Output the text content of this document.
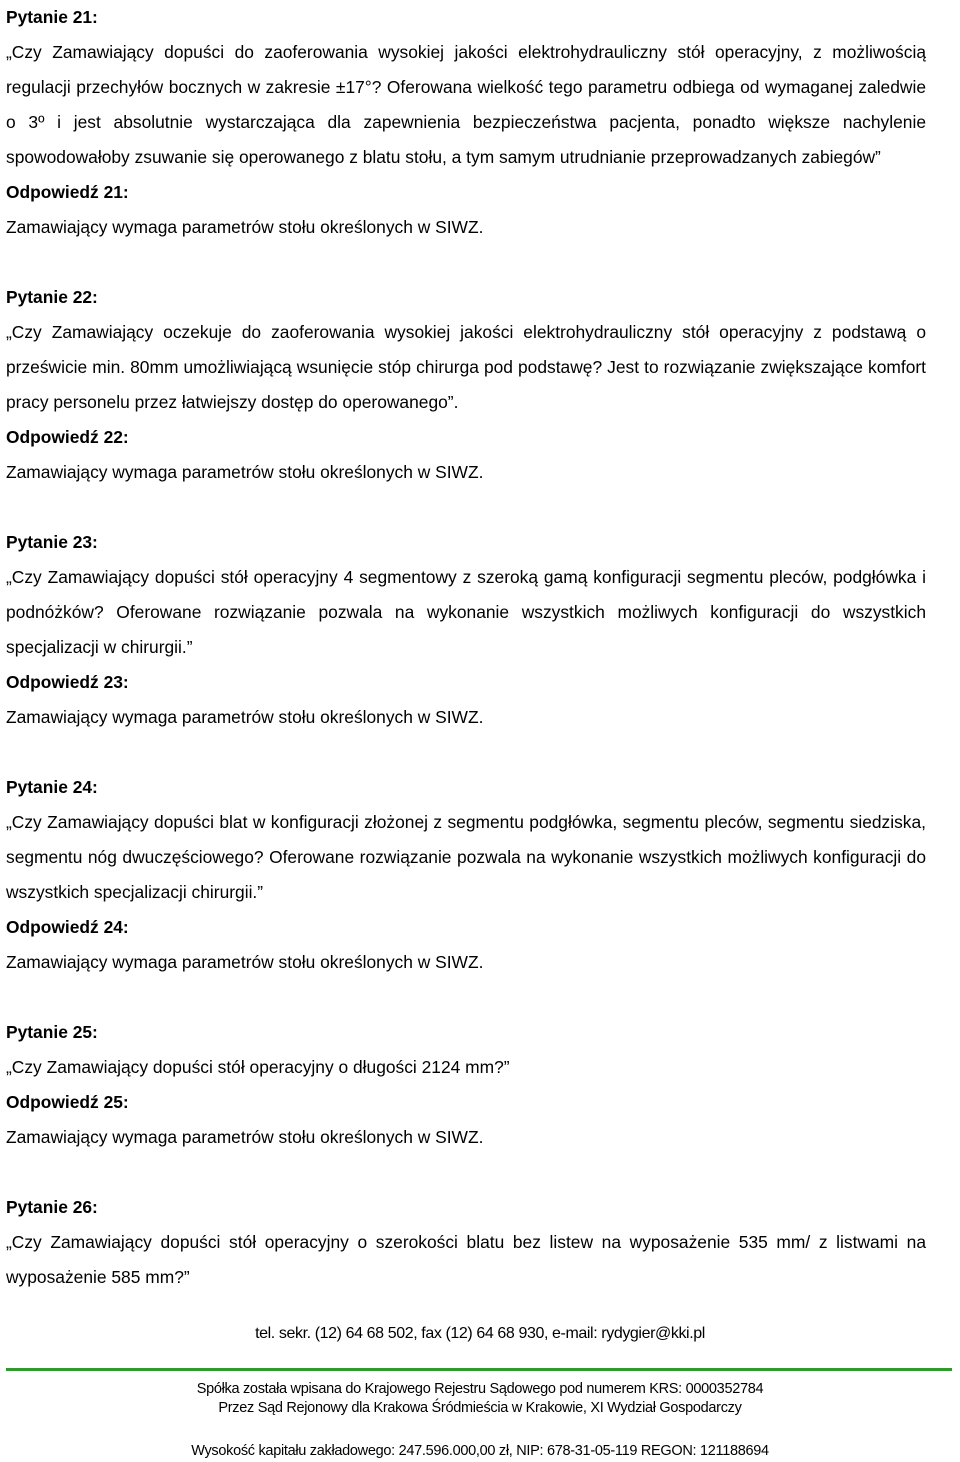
Pytanie 21:

„Czy Zamawiający dopuści do zaoferowania wysokiej jakości elektrohydrauliczny stół operacyjny, z możliwością regulacji przechyłów bocznych w zakresie ±17°? Oferowana wielkość tego parametru odbiega od wymaganej zaledwie o 3º i jest absolutnie wystarczająca dla zapewnienia bezpieczeństwa pacjenta, ponadto większe nachylenie spowodowałoby zsuwanie się operowanego z blatu stołu, a tym samym utrudnianie przeprowadzanych zabiegów”

Odpowiedź 21:

Zamawiający wymaga parametrów stołu określonych w SIWZ.

Pytanie 22:

„Czy Zamawiający oczekuje do zaoferowania wysokiej jakości elektrohydrauliczny stół operacyjny z podstawą o prześwicie min. 80mm umożliwiającą wsunięcie stóp chirurga pod podstawę? Jest to rozwiązanie zwiększające komfort pracy personelu przez łatwiejszy dostęp do operowanego”.

Odpowiedź 22:

Zamawiający wymaga parametrów stołu określonych w SIWZ.

Pytanie 23:

„Czy Zamawiający dopuści stół operacyjny 4 segmentowy z szeroką gamą konfiguracji segmentu pleców, podgłówka i podnóżków? Oferowane rozwiązanie pozwala na wykonanie wszystkich możliwych konfiguracji do wszystkich specjalizacji w chirurgii.”

Odpowiedź 23:

Zamawiający wymaga parametrów stołu określonych w SIWZ.

Pytanie 24:

„Czy Zamawiający dopuści blat w konfiguracji złożonej z segmentu podgłówka, segmentu pleców, segmentu siedziska, segmentu nóg dwuczęściowego? Oferowane rozwiązanie pozwala na wykonanie wszystkich możliwych konfiguracji do wszystkich specjalizacji chirurgii.”

Odpowiedź 24:

Zamawiający wymaga parametrów stołu określonych w SIWZ.

Pytanie 25:

„Czy Zamawiający dopuści stół operacyjny o długości 2124 mm?”

Odpowiedź 25:

Zamawiający wymaga parametrów stołu określonych w SIWZ.

Pytanie 26:

„Czy Zamawiający dopuści stół operacyjny o szerokości blatu bez listew na wyposażenie 535 mm/ z listwami na wyposażenie 585 mm?”

tel. sekr. (12) 64 68 502, fax (12) 64 68 930, e-mail: rydygier@kki.pl
Spółka została wpisana do Krajowego Rejestru Sądowego pod numerem KRS: 0000352784
Przez Sąd Rejonowy dla Krakowa Śródmieścia w Krakowie, XI Wydział Gospodarczy
Wysokość kapitału zakładowego: 247.596.000,00 zł, NIP: 678-31-05-119 REGON: 121188694
